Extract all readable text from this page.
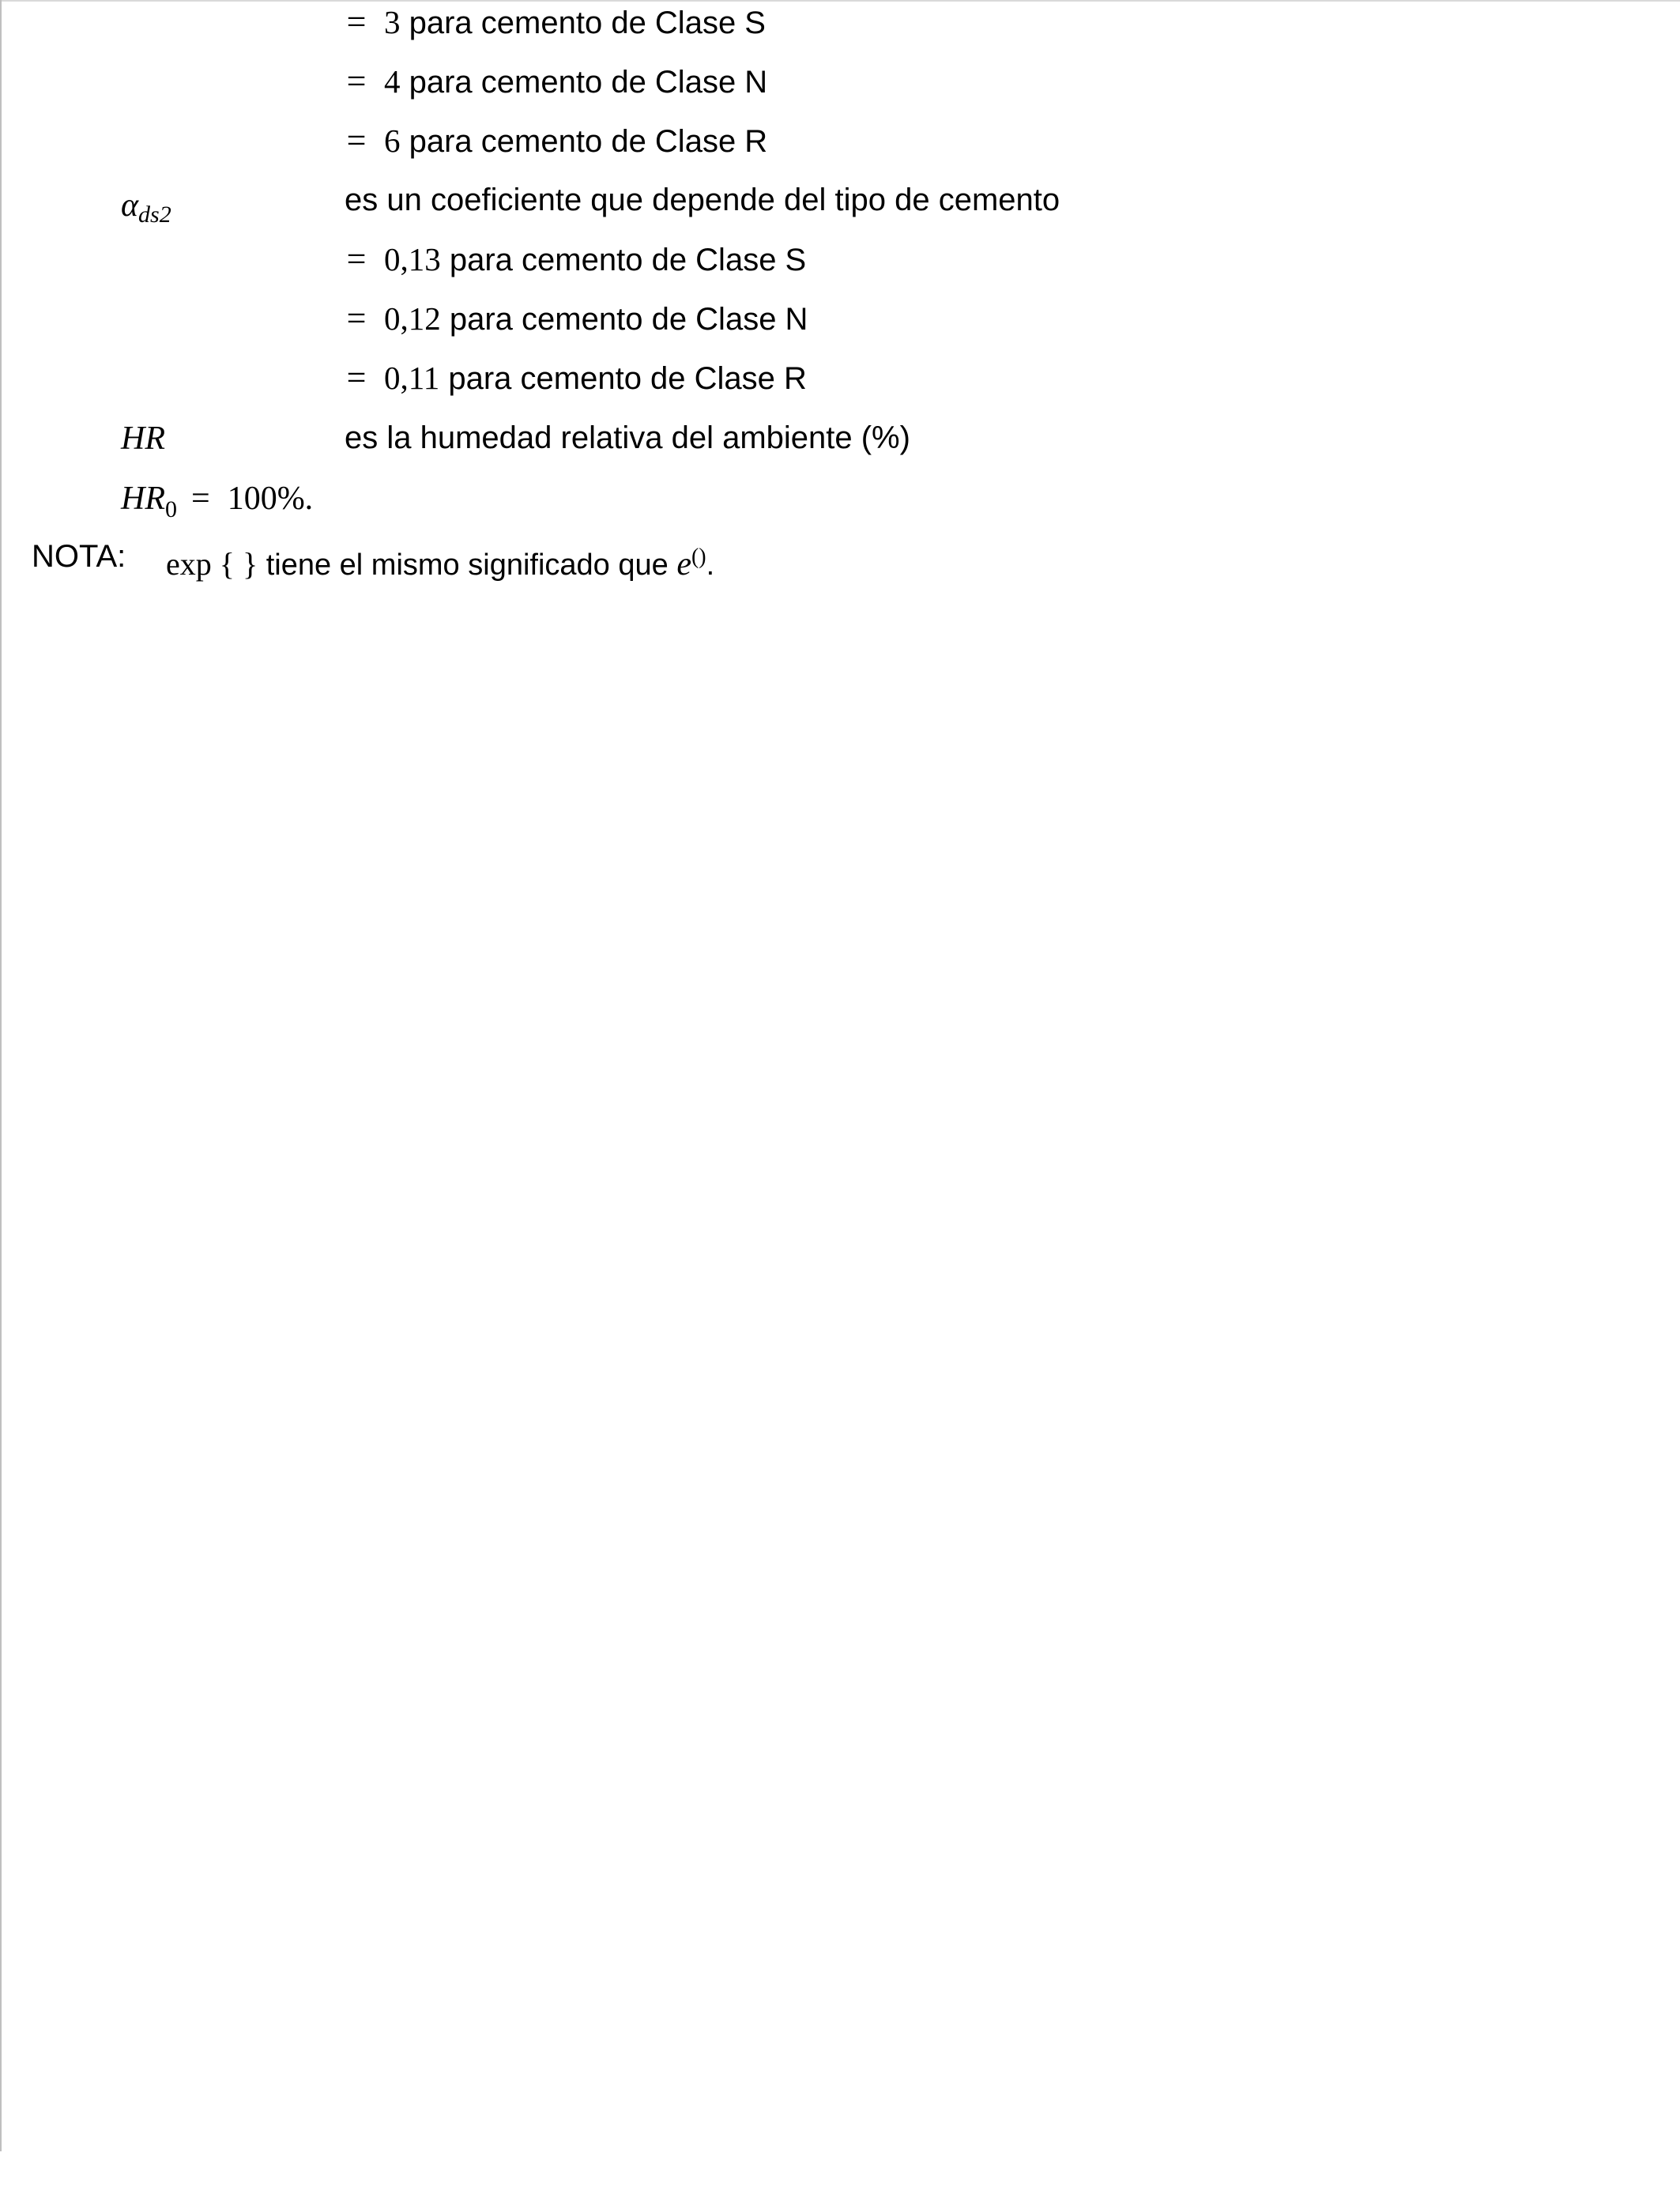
= 3 para cemento de Clase S
= 4 para cemento de Clase N
= 6 para cemento de Clase R
$\alpha_{ds2}$	es un coeficiente que depende del tipo de cemento
= 0,13 para cemento de Clase S
= 0,12 para cemento de Clase N
= 0,11 para cemento de Clase R
HR	es la humedad relativa del ambiente (%)
$HR_0 = 100\%$.
NOTA: exp { } tiene el mismo significado que e().
